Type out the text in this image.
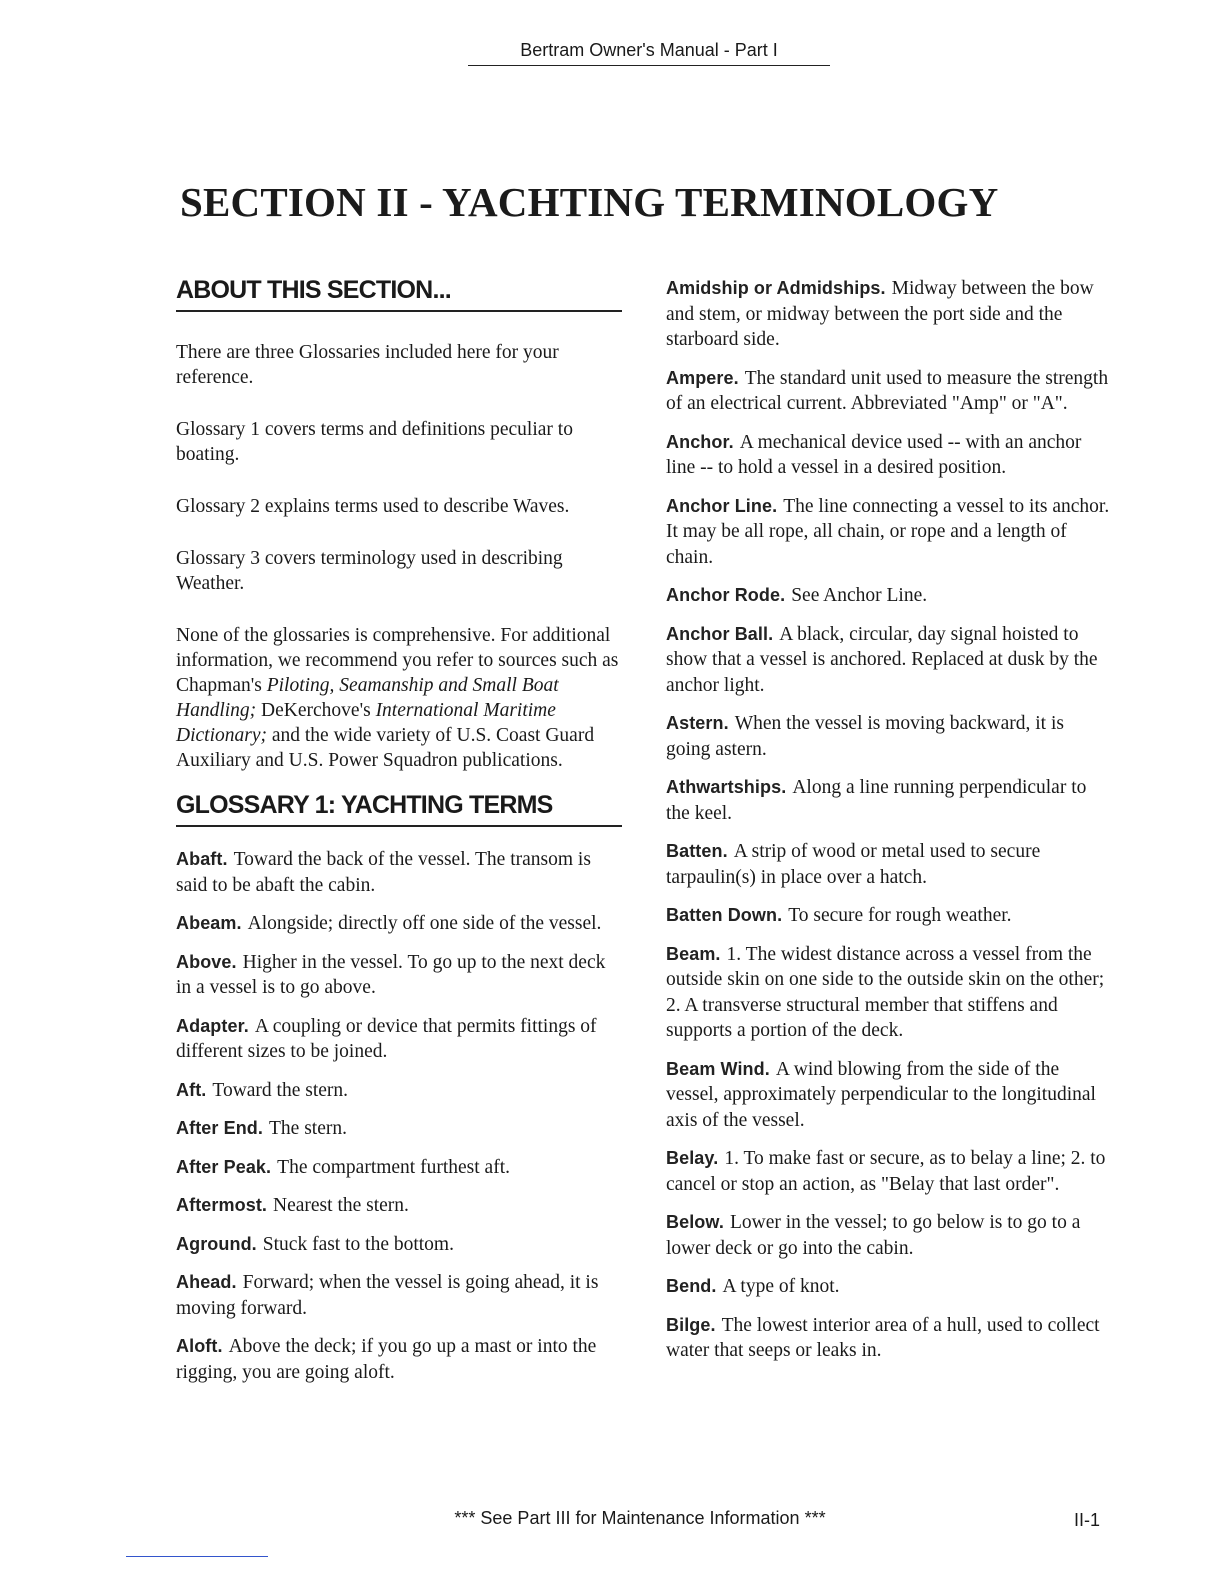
Bertram Owner's Manual - Part I
SECTION II - YACHTING TERMINOLOGY
ABOUT THIS SECTION...

There are three Glossaries included here for your reference.

Glossary 1 covers terms and definitions peculiar to boating.

Glossary 2 explains terms used to describe Waves.

Glossary 3 covers terminology used in describing Weather.

None of the glossaries is comprehensive. For additional information, we recommend you refer to sources such as Chapman's Piloting, Seamanship and Small Boat Handling; DeKerchove's International Maritime Dictionary; and the wide variety of U.S. Coast Guard Auxiliary and U.S. Power Squadron publications.

GLOSSARY 1: YACHTING TERMS

Abaft. Toward the back of the vessel. The transom is said to be abaft the cabin.

Abeam. Alongside; directly off one side of the vessel.

Above. Higher in the vessel. To go up to the next deck in a vessel is to go above.

Adapter. A coupling or device that permits fittings of different sizes to be joined.

Aft. Toward the stern.

After End. The stern.

After Peak. The compartment furthest aft.

Aftermost. Nearest the stern.

Aground. Stuck fast to the bottom.

Ahead. Forward; when the vessel is going ahead, it is moving forward.

Aloft. Above the deck; if you go up a mast or into the rigging, you are going aloft.

Amidship or Admidships. Midway between the bow and stem, or midway between the port side and the starboard side.

Ampere. The standard unit used to measure the strength of an electrical current. Abbreviated "Amp" or "A".

Anchor. A mechanical device used -- with an anchor line -- to hold a vessel in a desired position.

Anchor Line. The line connecting a vessel to its anchor. It may be all rope, all chain, or rope and a length of chain.

Anchor Rode. See Anchor Line.

Anchor Ball. A black, circular, day signal hoisted to show that a vessel is anchored. Replaced at dusk by the anchor light.

Astern. When the vessel is moving backward, it is going astern.

Athwartships. Along a line running perpendicular to the keel.

Batten. A strip of wood or metal used to secure tarpaulin(s) in place over a hatch.

Batten Down. To secure for rough weather.

Beam. 1. The widest distance across a vessel from the outside skin on one side to the outside skin on the other; 2. A transverse structural member that stiffens and supports a portion of the deck.

Beam Wind. A wind blowing from the side of the vessel, approximately perpendicular to the longitudinal axis of the vessel.

Belay. 1. To make fast or secure, as to belay a line; 2. to cancel or stop an action, as "Belay that last order".

Below. Lower in the vessel; to go below is to go to a lower deck or go into the cabin.

Bend. A type of knot.

Bilge. The lowest interior area of a hull, used to collect water that seeps or leaks in.

*** See Part III for Maintenance Information ***	II-1
